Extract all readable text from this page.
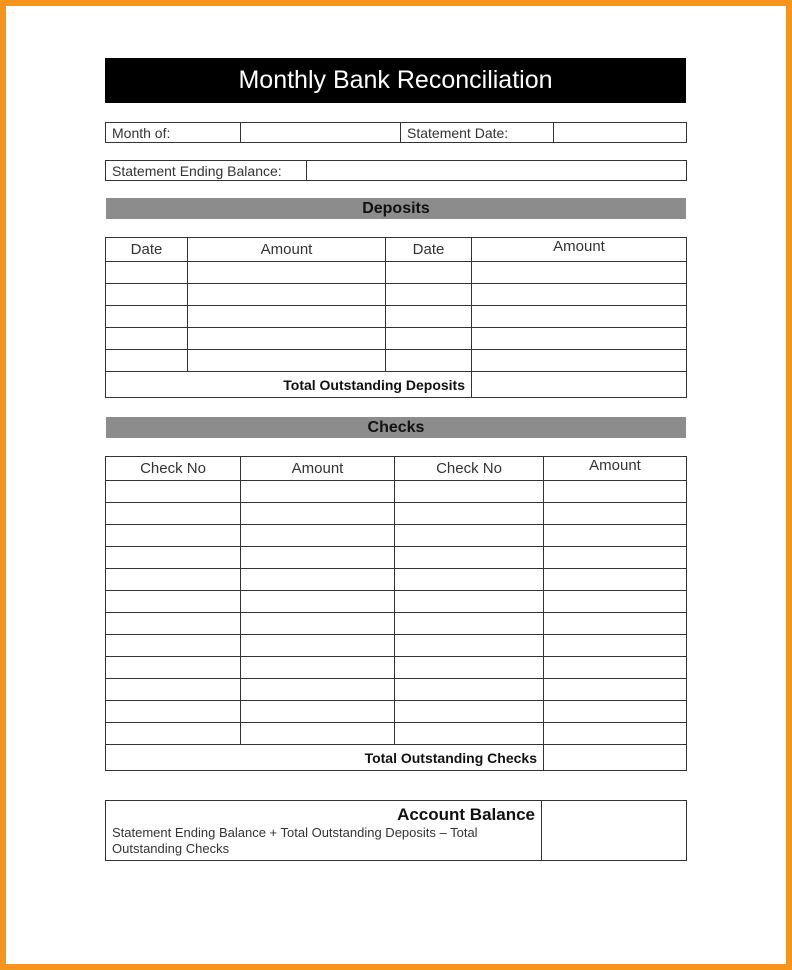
Monthly Bank Reconciliation
Month of:		Statement Date:	
Statement Ending Balance:	
Deposits
Date	Amount	Date	Amount

Total Outstanding Deposits			
Checks
Check No	Amount	Check No	Amount

Total Outstanding Checks			
Account Balance
Statement Ending Balance + Total Outstanding Deposits – Total Outstanding Checks
